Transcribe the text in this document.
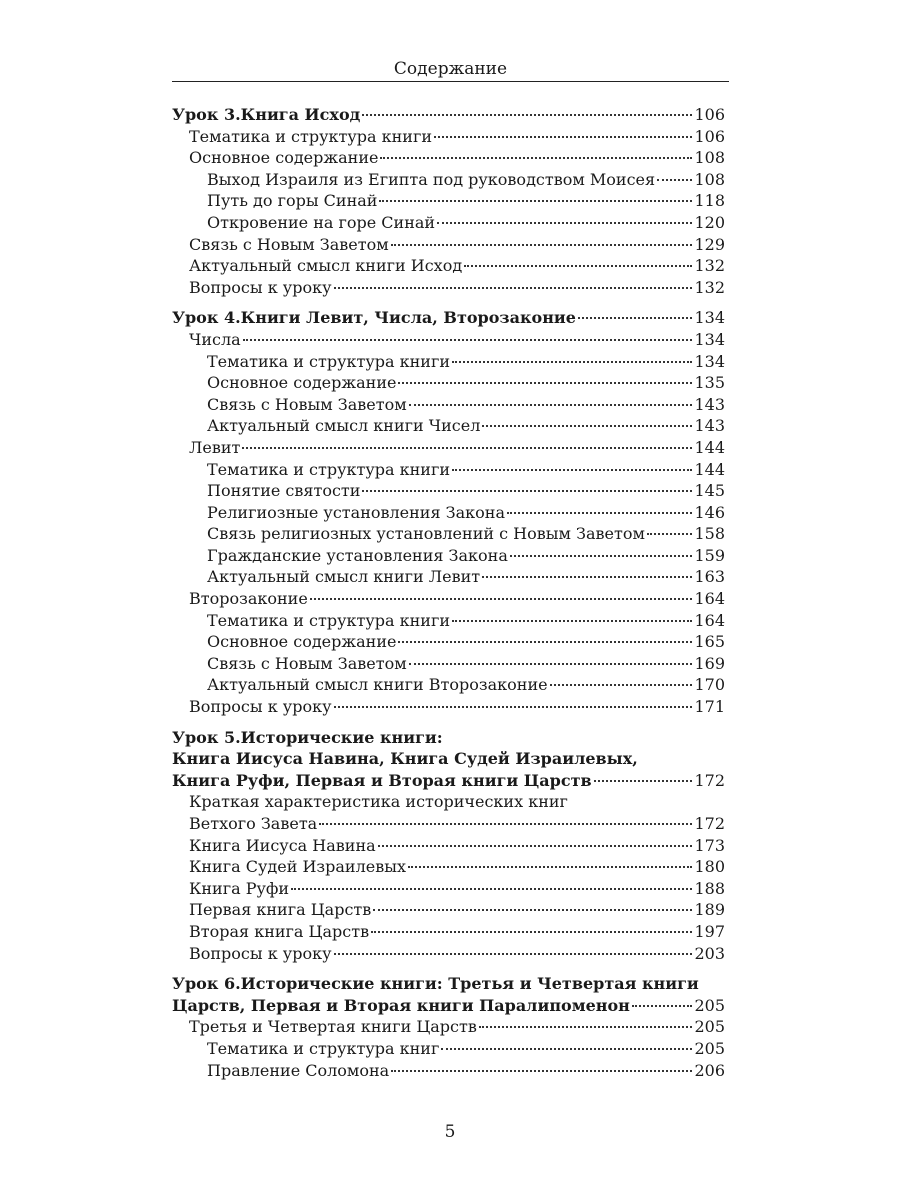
Содержание
Урок 3.Книга Исход	106
Тематика и структура книги	106
Основное содержание	108
Выход Израиля из Египта под руководством Моисея 108
Путь до горы Синай	118
Откровение на горе Синай	120
Связь с Новым Заветом	129
Актуальный смысл книги Исход	132
Вопросы к уроку	132
Урок 4.Книги Левит, Числа, Второзаконие	134
Числа	134
Тематика и структура книги	134
Основное содержание	135
Связь с Новым Заветом	143
Актуальный смысл книги Чисел	143
Левит	144
Тематика и структура книги	144
Понятие святости	145
Религиозные установления Закона	146
Связь религиозных установлений с Новым Заветом	158
Гражданские установления Закона	159
Актуальный смысл книги Левит	163
Второзаконие	164
Тематика и структура книги	164
Основное содержание	165
Связь с Новым Заветом	169
Актуальный смысл книги Второзаконие	170
Вопросы к уроку	171
Урок 5.Исторические книги:
Книга Иисуса Навина, Книга Судей Израилевых,
Книга Руфи, Первая и Вторая книги Царств	172
Краткая характеристика исторических книг
Ветхого Завета	172
Книга Иисуса Навина	173
Книга Судей Израилевых	180
Книга Руфи	188
Первая книга Царств	189
Вторая книга Царств	197
Вопросы к уроку	203
Урок 6.Исторические книги: Третья и Четвертая книги
Царств, Первая и Вторая книги Паралипоменон	205
Третья и Четвертая книги Царств	205
Тематика и структура книг	205
Правление Соломона	206
5
